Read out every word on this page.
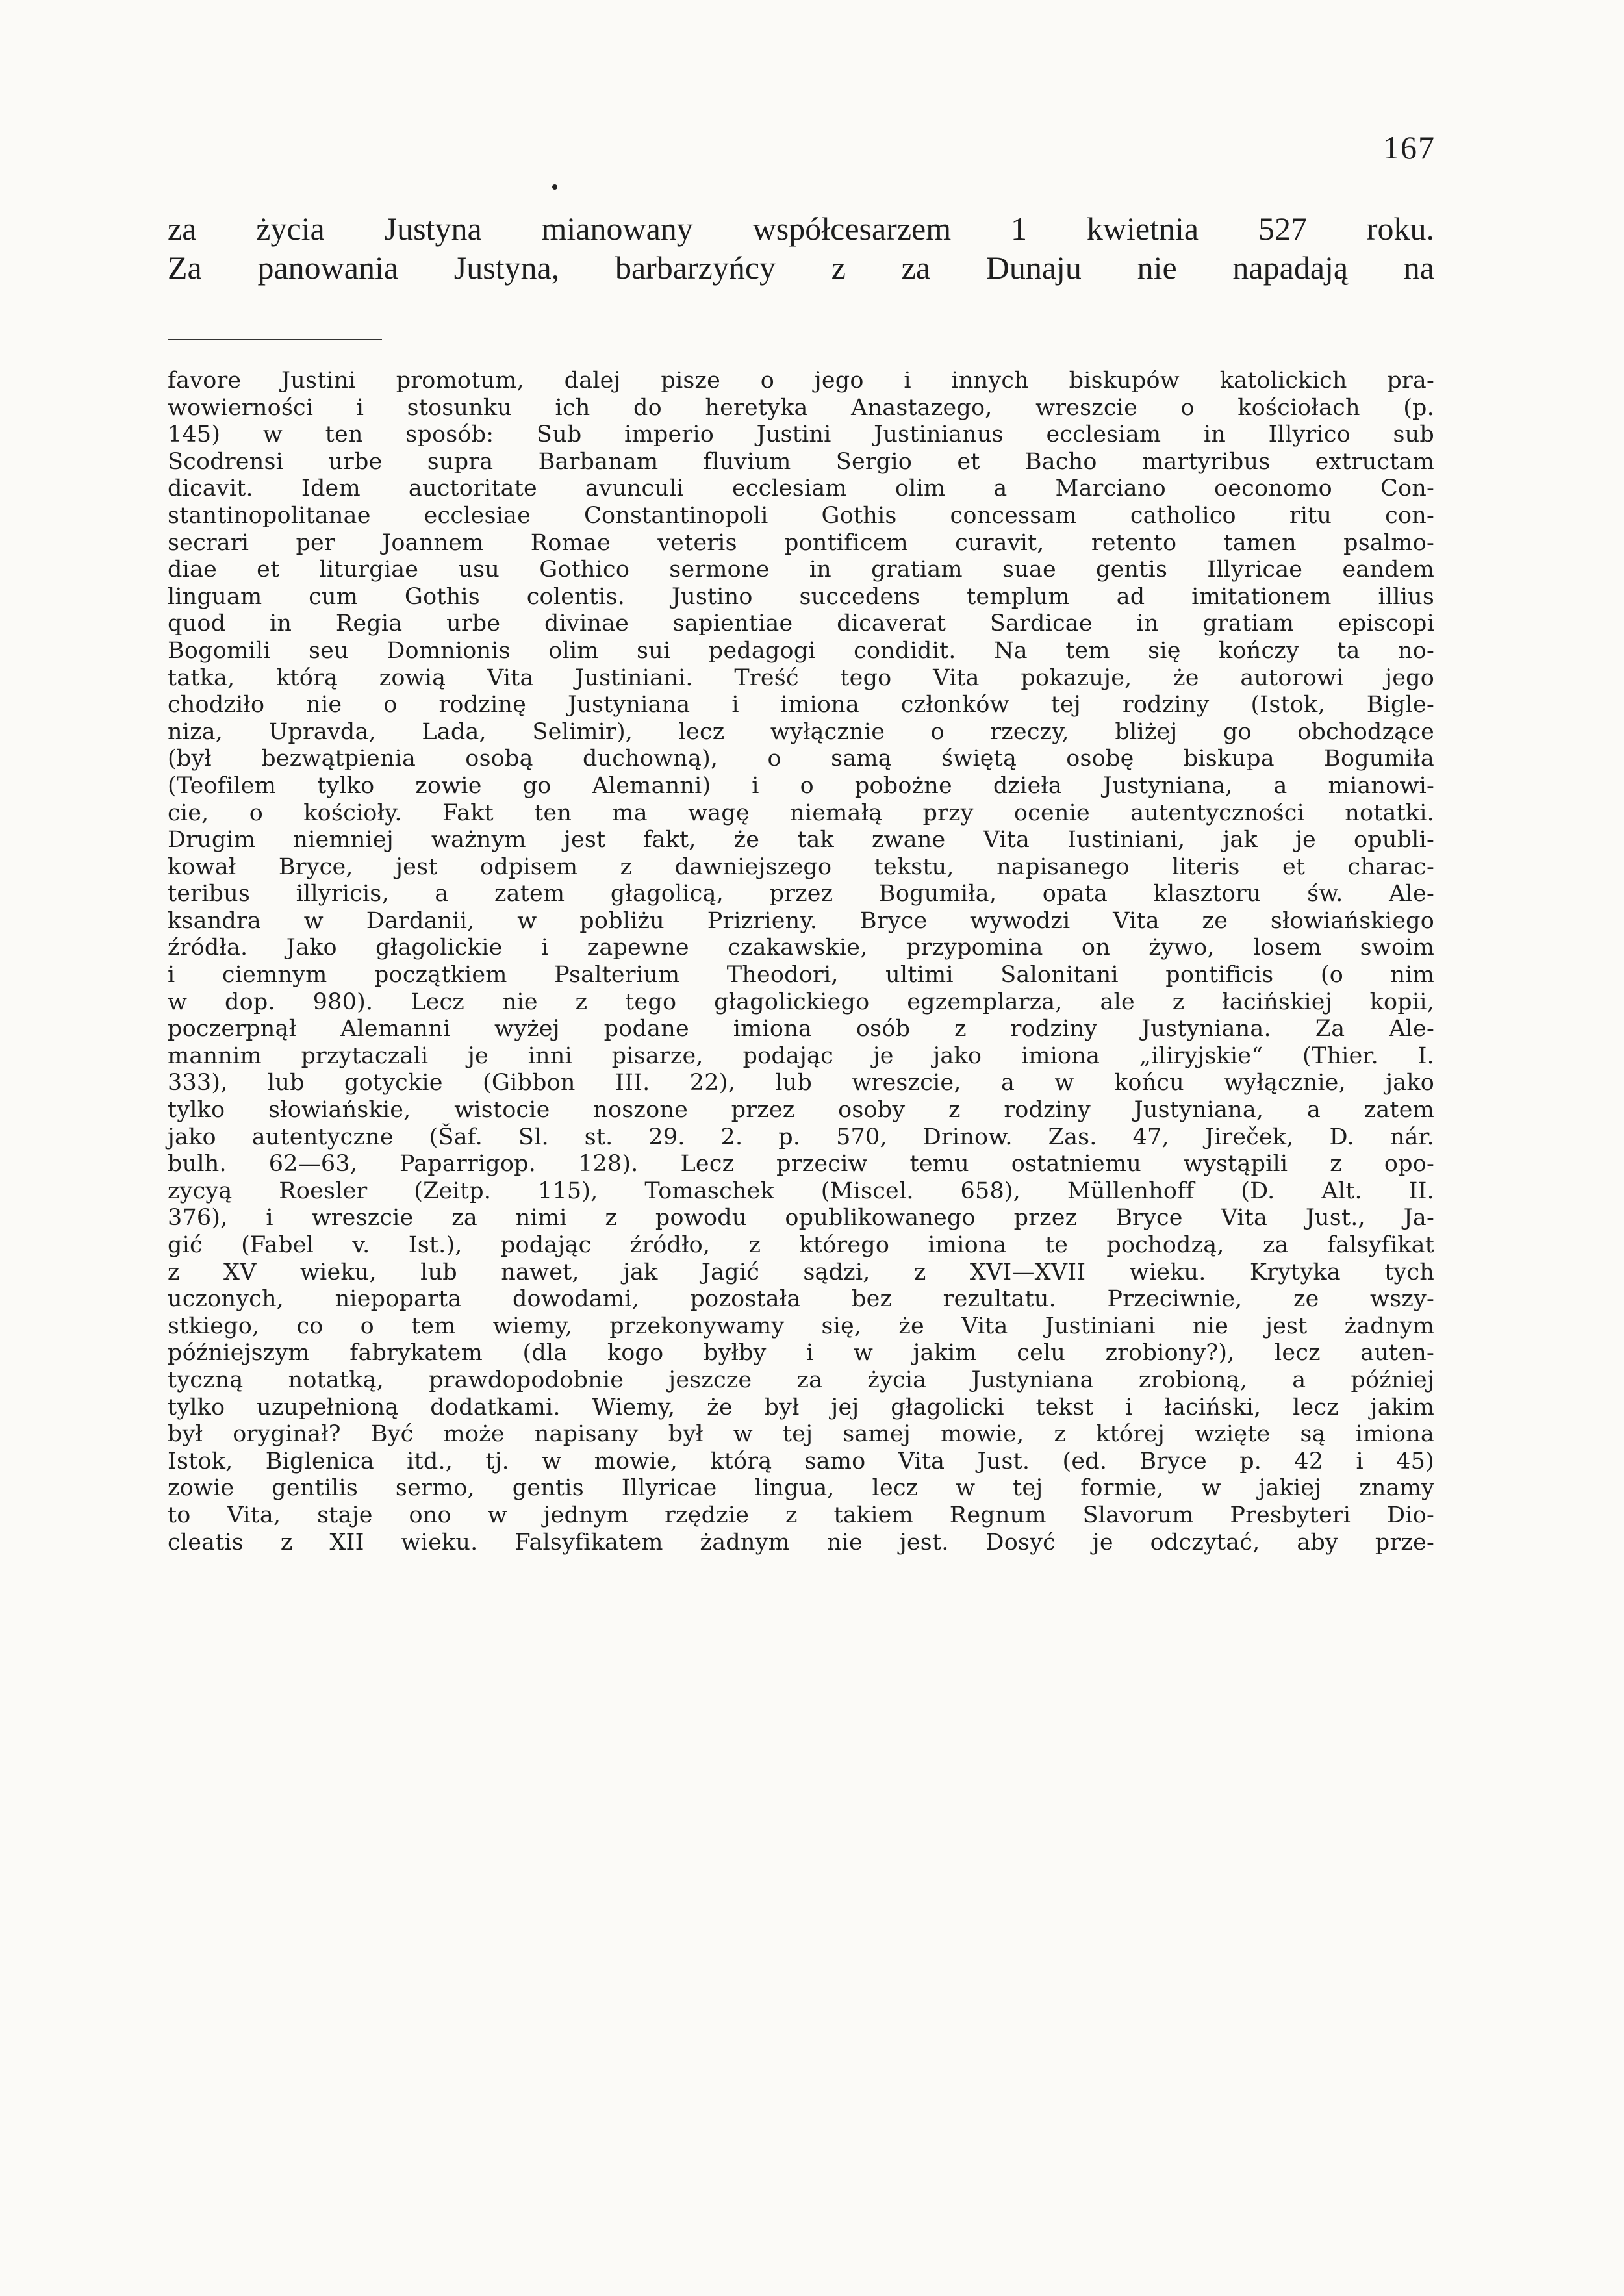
167
za życia Justyna mianowany współcesarzem 1 kwietnia 527 roku.
Za panowania Justyna, barbarzyńcy z za Dunaju nie napadają na
favore Justini promotum, dalej pisze o jego i innych biskupów katolickich pra-
wowierności i stosunku ich do heretyka Anastazego, wreszcie o kościołach (p.
145) w ten sposób: Sub imperio Justini Justinianus ecclesiam in Illyrico sub
Scodrensi urbe supra Barbanam fluvium Sergio et Bacho martyribus extructam
dicavit. Idem auctoritate avunculi ecclesiam olim a Marciano oeconomo Con-
stantinopolitanae ecclesiae Constantinopoli Gothis concessam catholico ritu con-
secrari per Joannem Romae veteris pontificem curavit, retento tamen psalmo-
diae et liturgiae usu Gothico sermone in gratiam suae gentis Illyricae eandem
linguam cum Gothis colentis. Justino succedens templum ad imitationem illius
quod in Regia urbe divinae sapientiae dicaverat Sardicae in gratiam episcopi
Bogomili seu Domnionis olim sui pedagogi condidit. Na tem się kończy ta no-
tatka, którą zowią Vita Justiniani. Treść tego Vita pokazuje, że autorowi jego
chodziło nie o rodzinę Justyniana i imiona członków tej rodziny (Istok, Bigle-
niza, Upravda, Lada, Selimir), lecz wyłącznie o rzeczy, bliżej go obchodzące
(był bezwątpienia osobą duchowną), o samą świętą osobę biskupa Bogumiła
(Teofilem tylko zowie go Alemanni) i o pobożne dzieła Justyniana, a mianowi-
cie, o kościoły. Fakt ten ma wagę niemałą przy ocenie autentyczności notatki.
Drugim niemniej ważnym jest fakt, że tak zwane Vita Iustiniani, jak je opubli-
kował Bryce, jest odpisem z dawniejszego tekstu, napisanego literis et charac-
teribus illyricis, a zatem głagolicą, przez Bogumiła, opata klasztoru św. Ale-
ksandra w Dardanii, w pobliżu Prizrieny. Bryce wywodzi Vita ze słowiańskiego
źródła. Jako głagolickie i zapewne czakawskie, przypomina on żywo, losem swoim
i ciemnym początkiem Psalterium Theodori, ultimi Salonitani pontificis (o nim
w dop. 980). Lecz nie z tego głagolickiego egzemplarza, ale z łacińskiej kopii,
poczerpnął Alemanni wyżej podane imiona osób z rodziny Justyniana. Za Ale-
mannim przytaczali je inni pisarze, podając je jako imiona „iliryjskie“ (Thier. I.
333), lub gotyckie (Gibbon III. 22), lub wreszcie, a w końcu wyłącznie, jako
tylko słowiańskie, wistocie noszone przez osoby z rodziny Justyniana, a zatem
jako autentyczne (Šaf. Sl. st. 29. 2. p. 570, Drinow. Zas. 47, Jireček, D. nár.
bulh. 62—63, Paparrigop. 128). Lecz przeciw temu ostatniemu wystąpili z opo-
zycyą Roesler (Zeitp. 115), Tomaschek (Miscel. 658), Müllenhoff (D. Alt. II.
376), i wreszcie za nimi z powodu opublikowanego przez Bryce Vita Just., Ja-
gić (Fabel v. Ist.), podając źródło, z którego imiona te pochodzą, za falsyfikat
z XV wieku, lub nawet, jak Jagić sądzi, z XVI—XVII wieku. Krytyka tych
uczonych, niepoparta dowodami, pozostała bez rezultatu. Przeciwnie, ze wszy-
stkiego, co o tem wiemy, przekonywamy się, że Vita Justiniani nie jest żadnym
późniejszym fabrykatem (dla kogo byłby i w jakim celu zrobiony?), lecz auten-
tyczną notatką, prawdopodobnie jeszcze za życia Justyniana zrobioną, a później
tylko uzupełnioną dodatkami. Wiemy, że był jej głagolicki tekst i łaciński, lecz jakim
był oryginał? Być może napisany był w tej samej mowie, z której wzięte są imiona
Istok, Biglenica itd., tj. w mowie, którą samo Vita Just. (ed. Bryce p. 42 i 45)
zowie gentilis sermo, gentis Illyricae lingua, lecz w tej formie, w jakiej znamy
to Vita, staje ono w jednym rzędzie z takiem Regnum Slavorum Presbyteri Dio-
cleatis z XII wieku. Falsyfikatem żadnym nie jest. Dosyć je odczytać, aby prze-
